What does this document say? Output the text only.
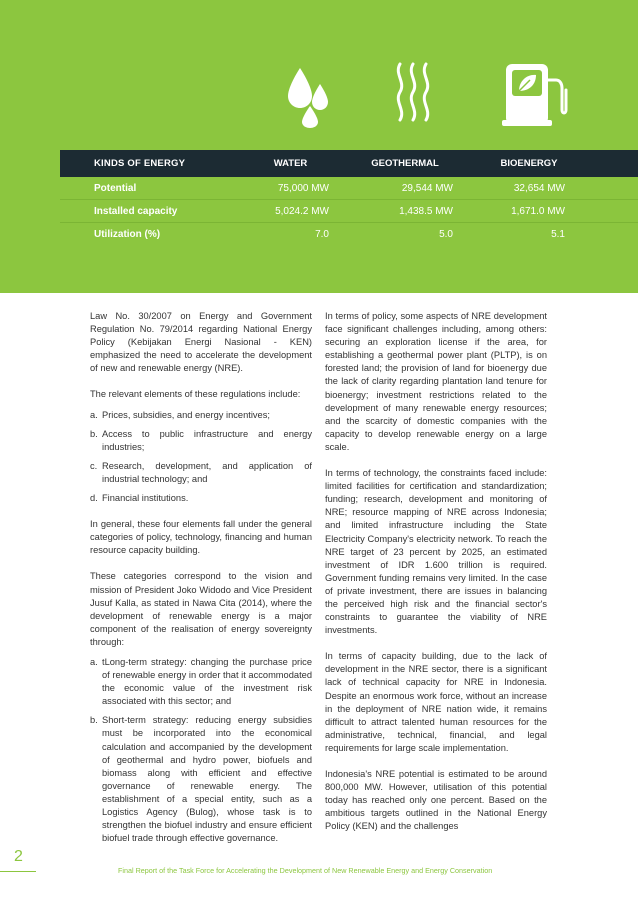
KINDS OF ENERGY	WATER	GEOTHERMAL	BIOENERGY
Potential	75,000 MW	29,544 MW	32,654 MW
Installed capacity	5,024.2 MW	1,438.5 MW	1,671.0 MW
Utilization (%)	7.0	5.0	5.1

Law No. 30/2007 on Energy and Government Regulation No. 79/2014 regarding National Energy Policy (Kebijakan Energi Nasional - KEN) emphasized the need to accelerate the development of new and renewable energy (NRE).

The relevant elements of these regulations include:

a. Prices, subsidies, and energy incentives;
b. Access to public infrastructure and energy industries;
c. Research, development, and application of industrial technology; and
d. Financial institutions.

In general, these four elements fall under the general categories of policy, technology, financing and human resource capacity building.

These categories correspond to the vision and mission of President Joko Widodo and Vice President Jusuf Kalla, as stated in Nawa Cita (2014), where the development of renewable energy is a major component of the realisation of energy sovereignty through:

a. tLong-term strategy: changing the purchase price of renewable energy in order that it accommodated the economic value of the investment risk associated with this sector; and
b. Short-term strategy: reducing energy subsidies must be incorporated into the economical calculation and accompanied by the development of geothermal and hydro power, biofuels and biomass along with efficient and effective governance of renewable energy. The establishment of a special entity, such as a Logistics Agency (Bulog), whose task is to strengthen the biofuel industry and ensure efficient biofuel trade through effective governance.

In terms of policy, some aspects of NRE development face significant challenges including, among others: securing an exploration license if the area, for establishing a geothermal power plant (PLTP), is on forested land; the provision of land for bioenergy due the lack of clarity regarding plantation land tenure for bioenergy; investment restrictions related to the development of many renewable energy resources; and the scarcity of domestic companies with the capacity to develop renewable energy on a large scale.

In terms of technology, the constraints faced include: limited facilities for certification and standardization; funding; research, development and monitoring of NRE; resource mapping of NRE across Indonesia; and limited infrastructure including the State Electricity Company's electricity network. To reach the NRE target of 23 percent by 2025, an estimated investment of IDR 1.600 trillion is required. Government funding remains very limited. In the case of private investment, there are issues in balancing the perceived high risk and the financial sector's constraints to guarantee the viability of NRE investments.

In terms of capacity building, due to the lack of development in the NRE sector, there is a significant lack of technical capacity for NRE in Indonesia. Despite an enormous work force, without an increase in the deployment of NRE nation wide, it remains difficult to attract talented human resources for the administrative, technical, financial, and legal requirements for large scale implementation.

Indonesia's NRE potential is estimated to be around 800,000 MW. However, utilisation of this potential today has reached only one percent. Based on the ambitious targets outlined in the National Energy Policy (KEN) and the challenges

2
Final Report of the Task Force for Accelerating the Development of New Renewable Energy and Energy Conservation
